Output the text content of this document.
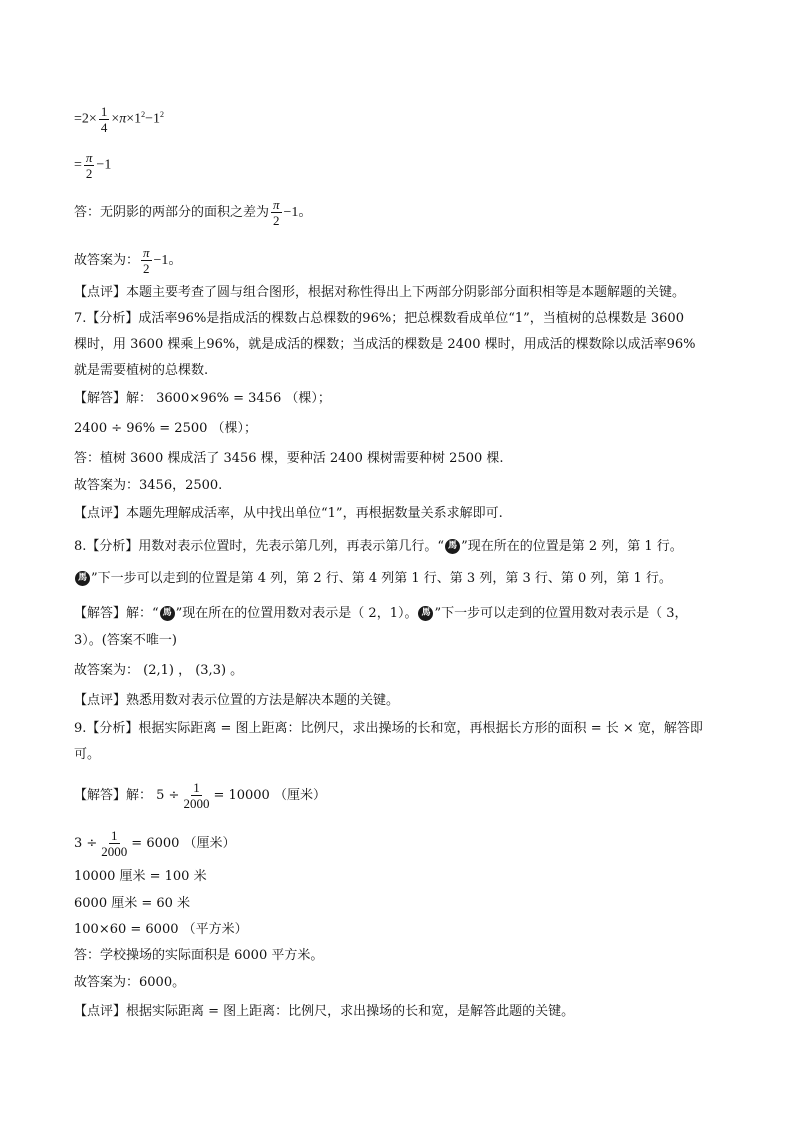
$=2\times \frac{1}{4} \times\pi\times 1^2-1^2$
= $\frac{\pi}{2} -1$
答：无阴影的两部分的面积之差为 $\frac{\pi}{2} -1$。
故答案为： $\frac{\pi}{2} -1$。
【点评】本题主要考查了圆与组合图形，根据对称性得出上下两部分阴影部分面积相等是本题解题的关键。
7.【分析】成活率96%是指成活的棵数占总棵数的96%；把总棵数看成单位“1”，当植树的总棵数是 3600
棵时，用 3600 棵乘上96%，就是成活的棵数；当成活的棵数是 2400 棵时，用成活的棵数除以成活率96%
就是需要植树的总棵数.
【解答】解： 3600×96% = 3456 （棵）；
2400 ÷ 96% = 2500 （棵）；
答：植树 3600 棵成活了 3456 棵，要种活 2400 棵树需要种树 2500 棵.
故答案为：3456，2500.
【点评】本题先理解成活率，从中找出单位“1”，再根据数量关系求解即可.
8.【分析】用数对表示位置时，先表示第几列，再表示第几行。“ 馬 ”现在所在的位置是第 2 列，第 1 行。
馬 ”下一步可以走到的位置是第 4 列，第 2 行、第 4 列第 1 行、第 3 列，第 3 行、第 0 列，第 1 行。
【解答】解：“ 馬 ”现在所在的位置用数对表示是（ 2，1）。 馬 ”下一步可以走到的位置用数对表示是（ 3，
3）。(答案不唯一)
故答案为： (2,1) ， (3,3) 。
【点评】熟悉用数对表示位置的方法是解决本题的关键。
9.【分析】根据实际距离 = 图上距离：比例尺，求出操场的长和宽，再根据长方形的面积 = 长 × 宽，解答即
可。
【解答】解： $5 \div \frac{1}{2000} = 10000$ （厘米）
$3 \div \frac{1}{2000} = 6000$ （厘米）
10000 厘米 = 100 米
6000 厘米 = 60 米
100×60 = 6000 （平方米）
答：学校操场的实际面积是 6000 平方米。
故答案为：6000。
【点评】根据实际距离 = 图上距离：比例尺，求出操场的长和宽，是解答此题的关键。
